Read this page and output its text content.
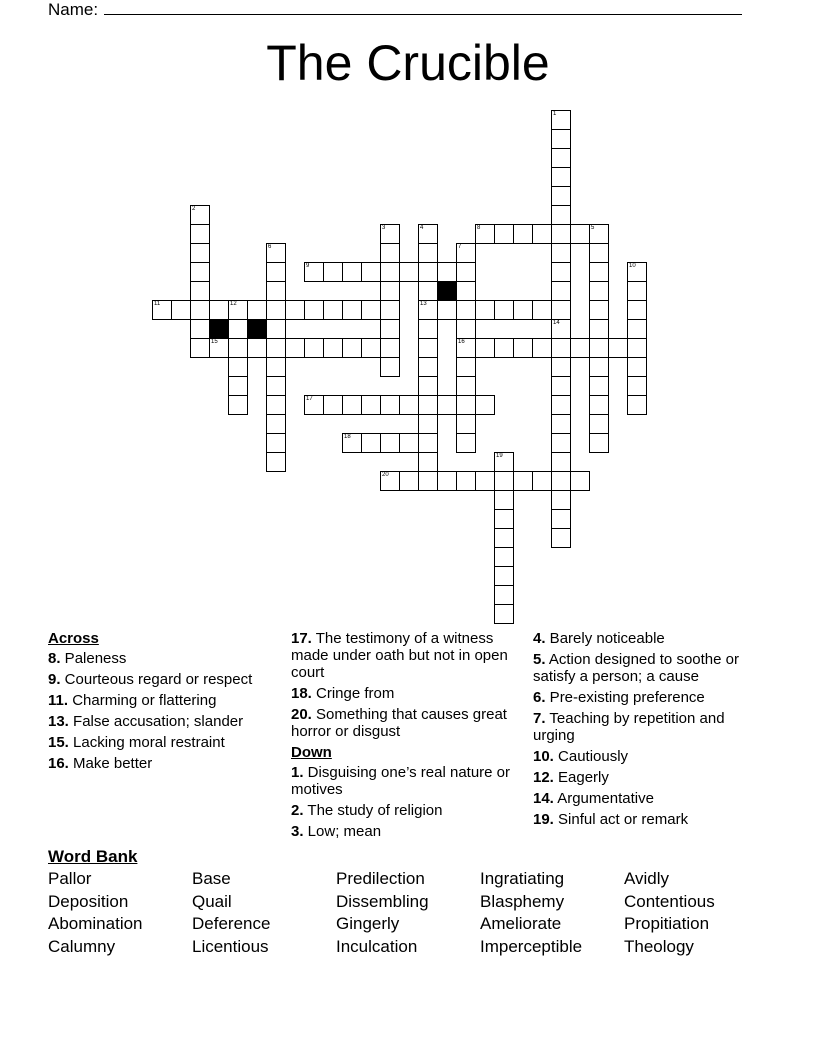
Name:
The Crucible
8	5
9
11	12	13
15	16
17
18
20
1
14
2
3	4
6	7
10
19
Across
8. Paleness
9. Courteous regard or respect
11. Charming or flattering
13. False accusation; slander
15. Lacking moral restraint
16. Make better
17. The testimony of a witness made under oath but not in open court
18. Cringe from
20. Something that causes great horror or disgust
Down
1. Disguising one’s real nature or motives
2. The study of religion
3. Low; mean
4. Barely noticeable
5. Action designed to soothe or satisfy a person; a cause
6. Pre-existing preference
7. Teaching by repetition and urging
10. Cautiously
12. Eagerly
14. Argumentative
19. Sinful act or remark
Word Bank
Pallor	Base	Predilection	Ingratiating	Avidly
Deposition	Quail	Dissembling	Blasphemy	Contentious
Abomination	Deference	Gingerly	Ameliorate	Propitiation
Calumny	Licentious	Inculcation	Imperceptible Theology
